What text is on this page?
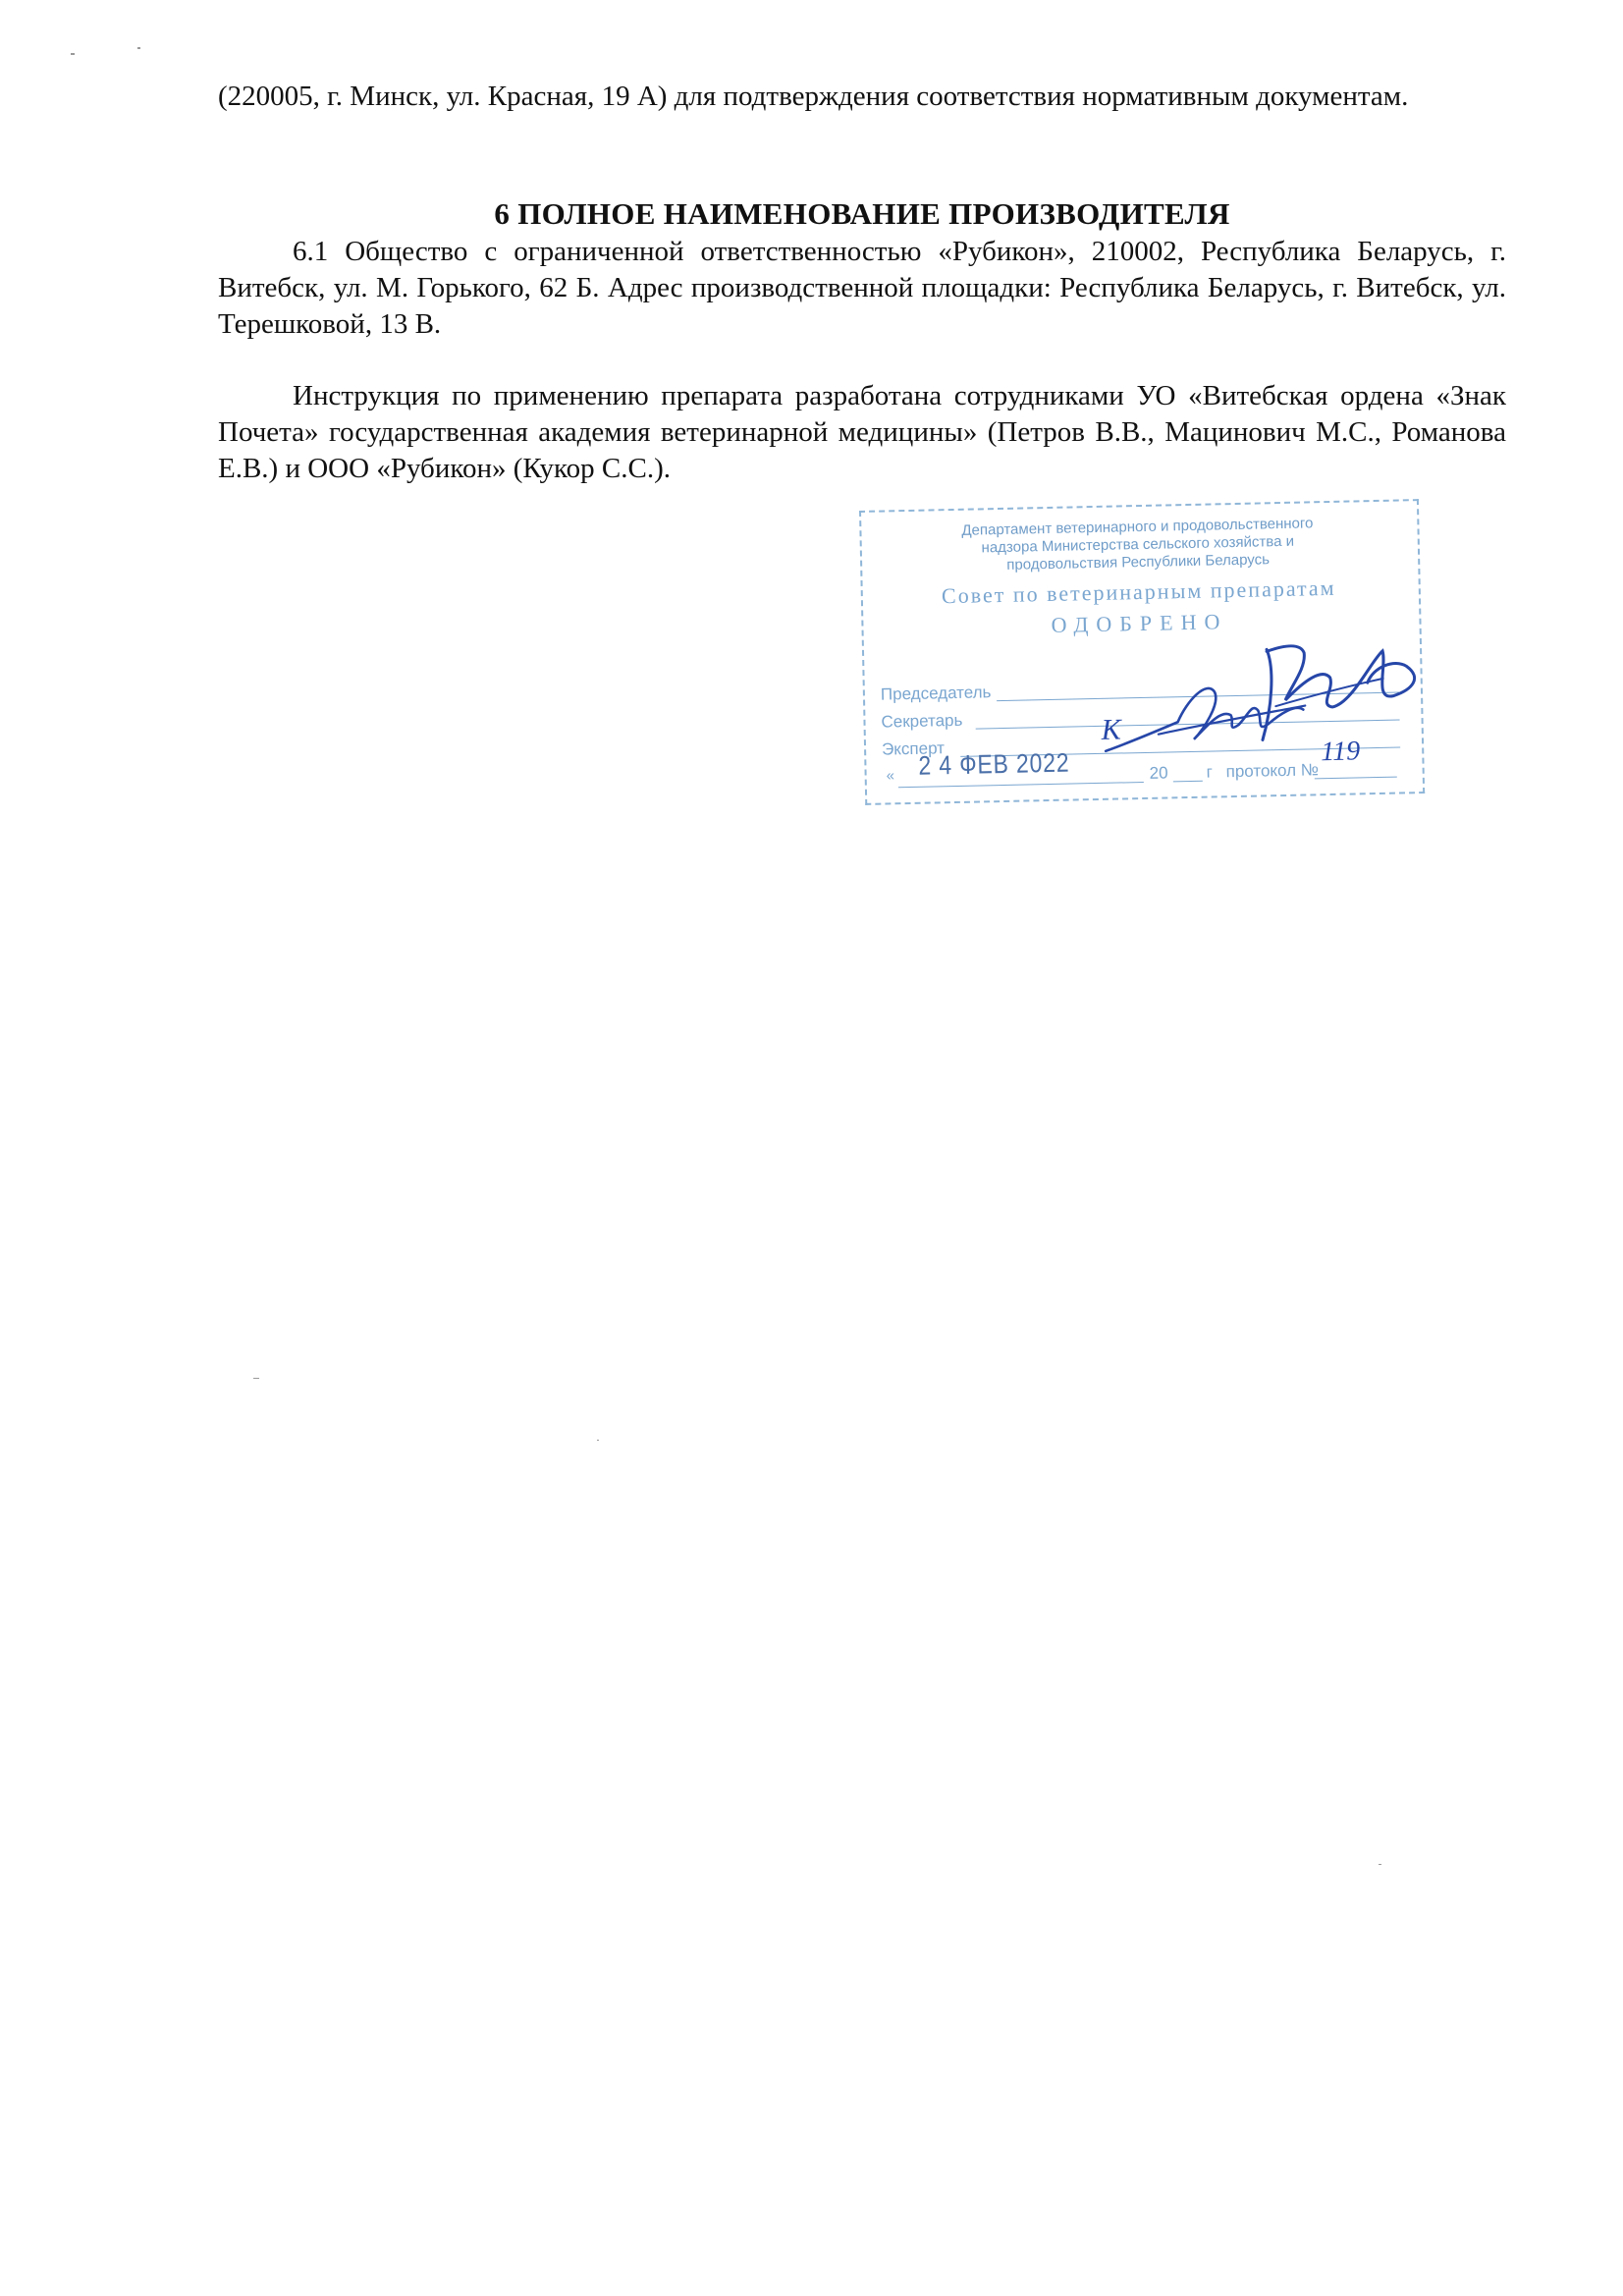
(220005, г. Минск, ул. Красная, 19 А) для подтверждения соответствия нормативным документам.
6 ПОЛНОЕ НАИМЕНОВАНИЕ ПРОИЗВОДИТЕЛЯ
6.1 Общество с ограниченной ответственностью «Рубикон», 210002, Республика Беларусь, г. Витебск, ул. М. Горького, 62 Б. Адрес производственной площадки: Республика Беларусь, г. Витебск, ул. Терешковой, 13 В.
Инструкция по применению препарата разработана сотрудниками УО «Витебская ордена «Знак Почета» государственная академия ветеринарной медицины» (Петров В.В., Мацинович М.С., Романова Е.В.) и ООО «Рубикон» (Кукор С.С.).
Департамент ветеринарного и продовольственного
надзора Министерства сельского хозяйства и
продовольствия Республики Беларусь
Совет по ветеринарным препаратам
ОДОБРЕНО
Председатель
Секретарь
Эксперт
«	20 г протокол №
2 4 ФЕВ 2022	119
К
